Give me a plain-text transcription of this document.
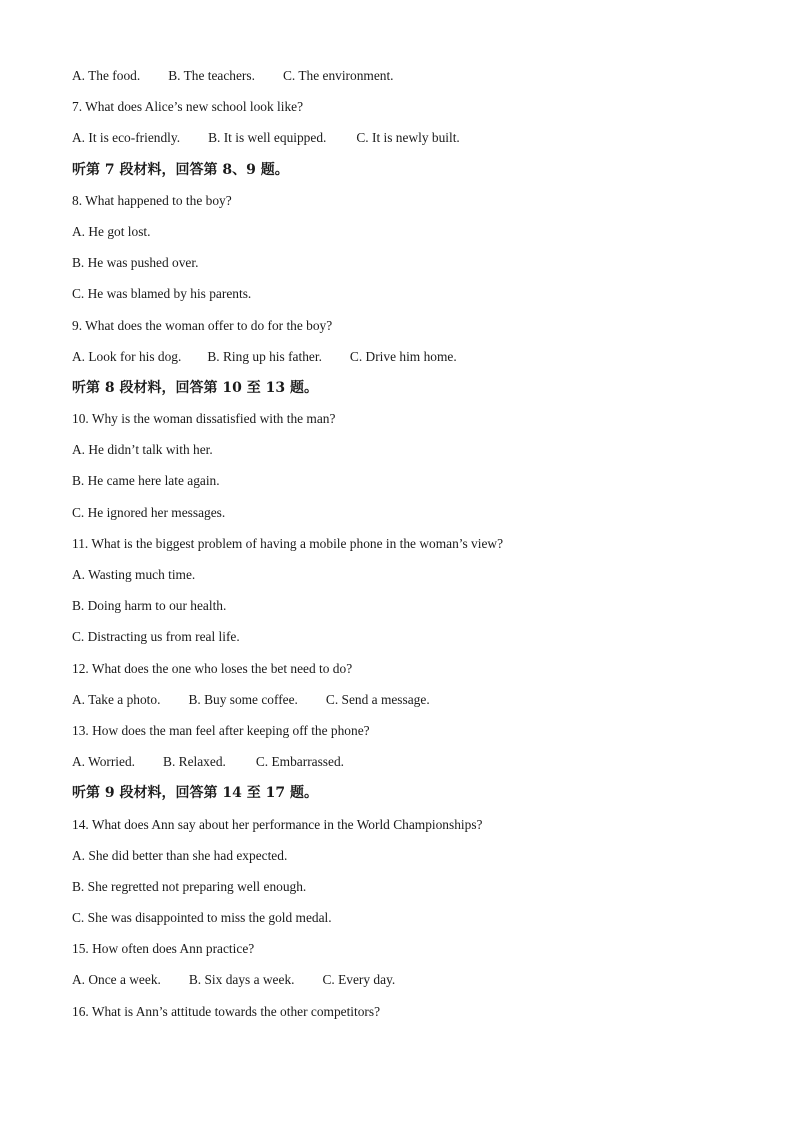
A. The food. B. The teachers. C. The environment.
7. What does Alice’s new school look like?
A. It is eco-friendly. B. It is well equipped. C. It is newly built.
听第 7 段材料，回答第 8、9 题。
8. What happened to the boy?
A. He got lost.
B. He was pushed over.
C. He was blamed by his parents.
9. What does the woman offer to do for the boy?
A. Look for his dog. B. Ring up his father. C. Drive him home.
听第 8 段材料，回答第 10 至 13 题。
10. Why is the woman dissatisfied with the man?
A. He didn’t talk with her.
B. He came here late again.
C. He ignored her messages.
11. What is the biggest problem of having a mobile phone in the woman’s view?
A. Wasting much time.
B. Doing harm to our health.
C. Distracting us from real life.
12. What does the one who loses the bet need to do?
A. Take a photo. B. Buy some coffee. C. Send a message.
13. How does the man feel after keeping off the phone?
A. Worried. B. Relaxed. C. Embarrassed.
听第 9 段材料，回答第 14 至 17 题。
14. What does Ann say about her performance in the World Championships?
A. She did better than she had expected.
B. She regretted not preparing well enough.
C. She was disappointed to miss the gold medal.
15. How often does Ann practice?
A. Once a week. B. Six days a week. C. Every day.
16. What is Ann’s attitude towards the other competitors?
